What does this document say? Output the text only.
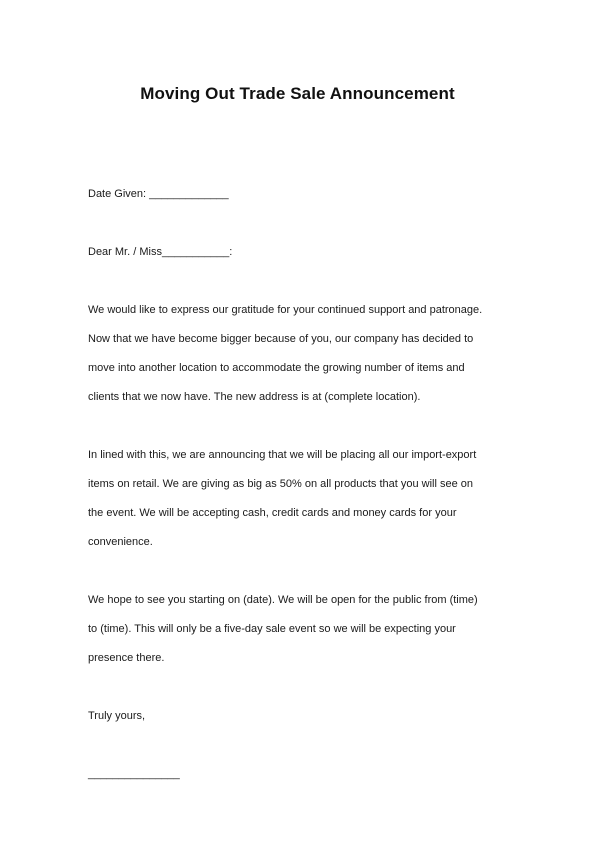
Moving Out Trade Sale Announcement
Date Given: _____________
Dear Mr. / Miss___________:
We would like to express our gratitude for your continued support and patronage.
Now that we have become bigger because of you, our company has decided to
move into another location to accommodate the growing number of items and
clients that we now have. The new address is at (complete location).
In lined with this, we are announcing that we will be placing all our import-export
items on retail. We are giving as big as 50% on all products that you will see on
the event. We will be accepting cash, credit cards and money cards for your
convenience.
We hope to see you starting on (date). We will be open for the public from (time)
to (time). This will only be a five-day sale event so we will be expecting your
presence there.
Truly yours,
_______________
